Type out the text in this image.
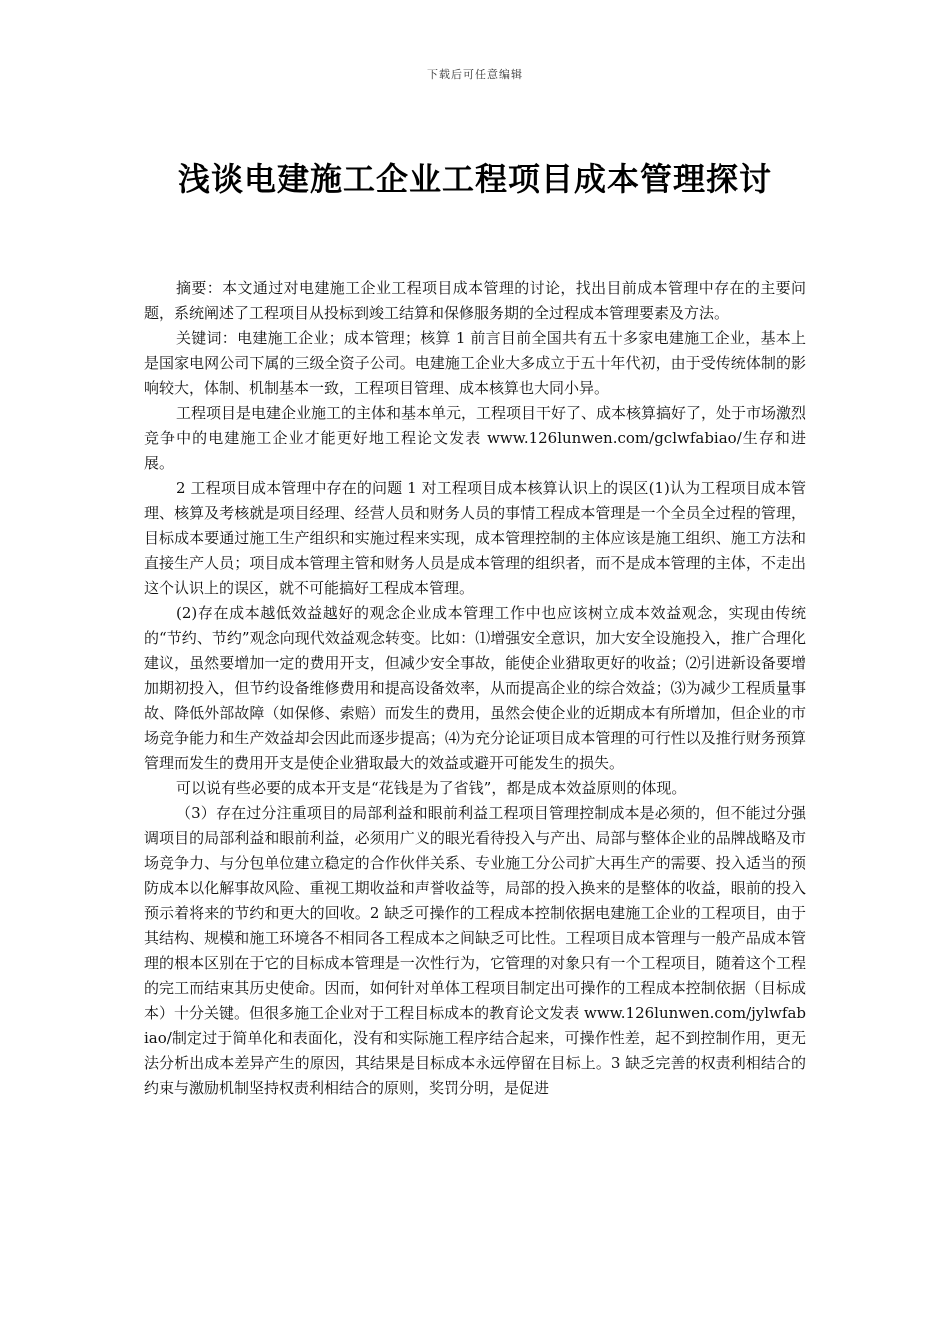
下载后可任意编辑
浅谈电建施工企业工程项目成本管理探讨

摘要：本文通过对电建施工企业工程项目成本管理的讨论，找出目前成本管理中存在的主要问题，系统阐述了工程项目从投标到竣工结算和保修服务期的全过程成本管理要素及方法。

关键词：电建施工企业；成本管理；核算 1 前言目前全国共有五十多家电建施工企业，基本上是国家电网公司下属的三级全资子公司。电建施工企业大多成立于五十年代初，由于受传统体制的影响较大，体制、机制基本一致，工程项目管理、成本核算也大同小异。

工程项目是电建企业施工的主体和基本单元，工程项目干好了、成本核算搞好了，处于市场激烈竞争中的电建施工企业才能更好地工程论文发表 www.126lunwen.com/gclwfabiao/生存和进展。

2 工程项目成本管理中存在的问题 1 对工程项目成本核算认识上的误区(1)认为工程项目成本管理、核算及考核就是项目经理、经营人员和财务人员的事情工程成本管理是一个全员全过程的管理，目标成本要通过施工生产组织和实施过程来实现，成本管理控制的主体应该是施工组织、施工方法和直接生产人员；项目成本管理主管和财务人员是成本管理的组织者，而不是成本管理的主体，不走出这个认识上的误区，就不可能搞好工程成本管理。

(2)存在成本越低效益越好的观念企业成本管理工作中也应该树立成本效益观念，实现由传统的“节约、节约”观念向现代效益观念转变。比如：⑴增强安全意识，加大安全设施投入，推广合理化建议，虽然要增加一定的费用开支，但减少安全事故，能使企业猎取更好的收益；⑵引进新设备要增加期初投入，但节约设备维修费用和提高设备效率，从而提高企业的综合效益；⑶为减少工程质量事故、降低外部故障（如保修、索赔）而发生的费用，虽然会使企业的近期成本有所增加，但企业的市场竞争能力和生产效益却会因此而逐步提高；⑷为充分论证项目成本管理的可行性以及推行财务预算管理而发生的费用开支是使企业猎取最大的效益或避开可能发生的损失。

可以说有些必要的成本开支是“花钱是为了省钱”，都是成本效益原则的体现。

（3）存在过分注重项目的局部利益和眼前利益工程项目管理控制成本是必须的，但不能过分强调项目的局部利益和眼前利益，必须用广义的眼光看待投入与产出、局部与整体企业的品牌战略及市场竞争力、与分包单位建立稳定的合作伙伴关系、专业施工分公司扩大再生产的需要、投入适当的预防成本以化解事故风险、重视工期收益和声誉收益等，局部的投入换来的是整体的收益，眼前的投入预示着将来的节约和更大的回收。2 缺乏可操作的工程成本控制依据电建施工企业的工程项目，由于其结构、规模和施工环境各不相同各工程成本之间缺乏可比性。工程项目成本管理与一般产品成本管理的根本区别在于它的目标成本管理是一次性行为，它管理的对象只有一个工程项目，随着这个工程的完工而结束其历史使命。因而，如何针对单体工程项目制定出可操作的工程成本控制依据（目标成本）十分关键。但很多施工企业对于工程目标成本的教育论文发表 www.126lunwen.com/jylwfabiao/制定过于简单化和表面化，没有和实际施工程序结合起来，可操作性差，起不到控制作用，更无法分析出成本差异产生的原因，其结果是目标成本永远停留在目标上。3 缺乏完善的权责利相结合的约束与激励机制坚持权责利相结合的原则，奖罚分明，是促进
